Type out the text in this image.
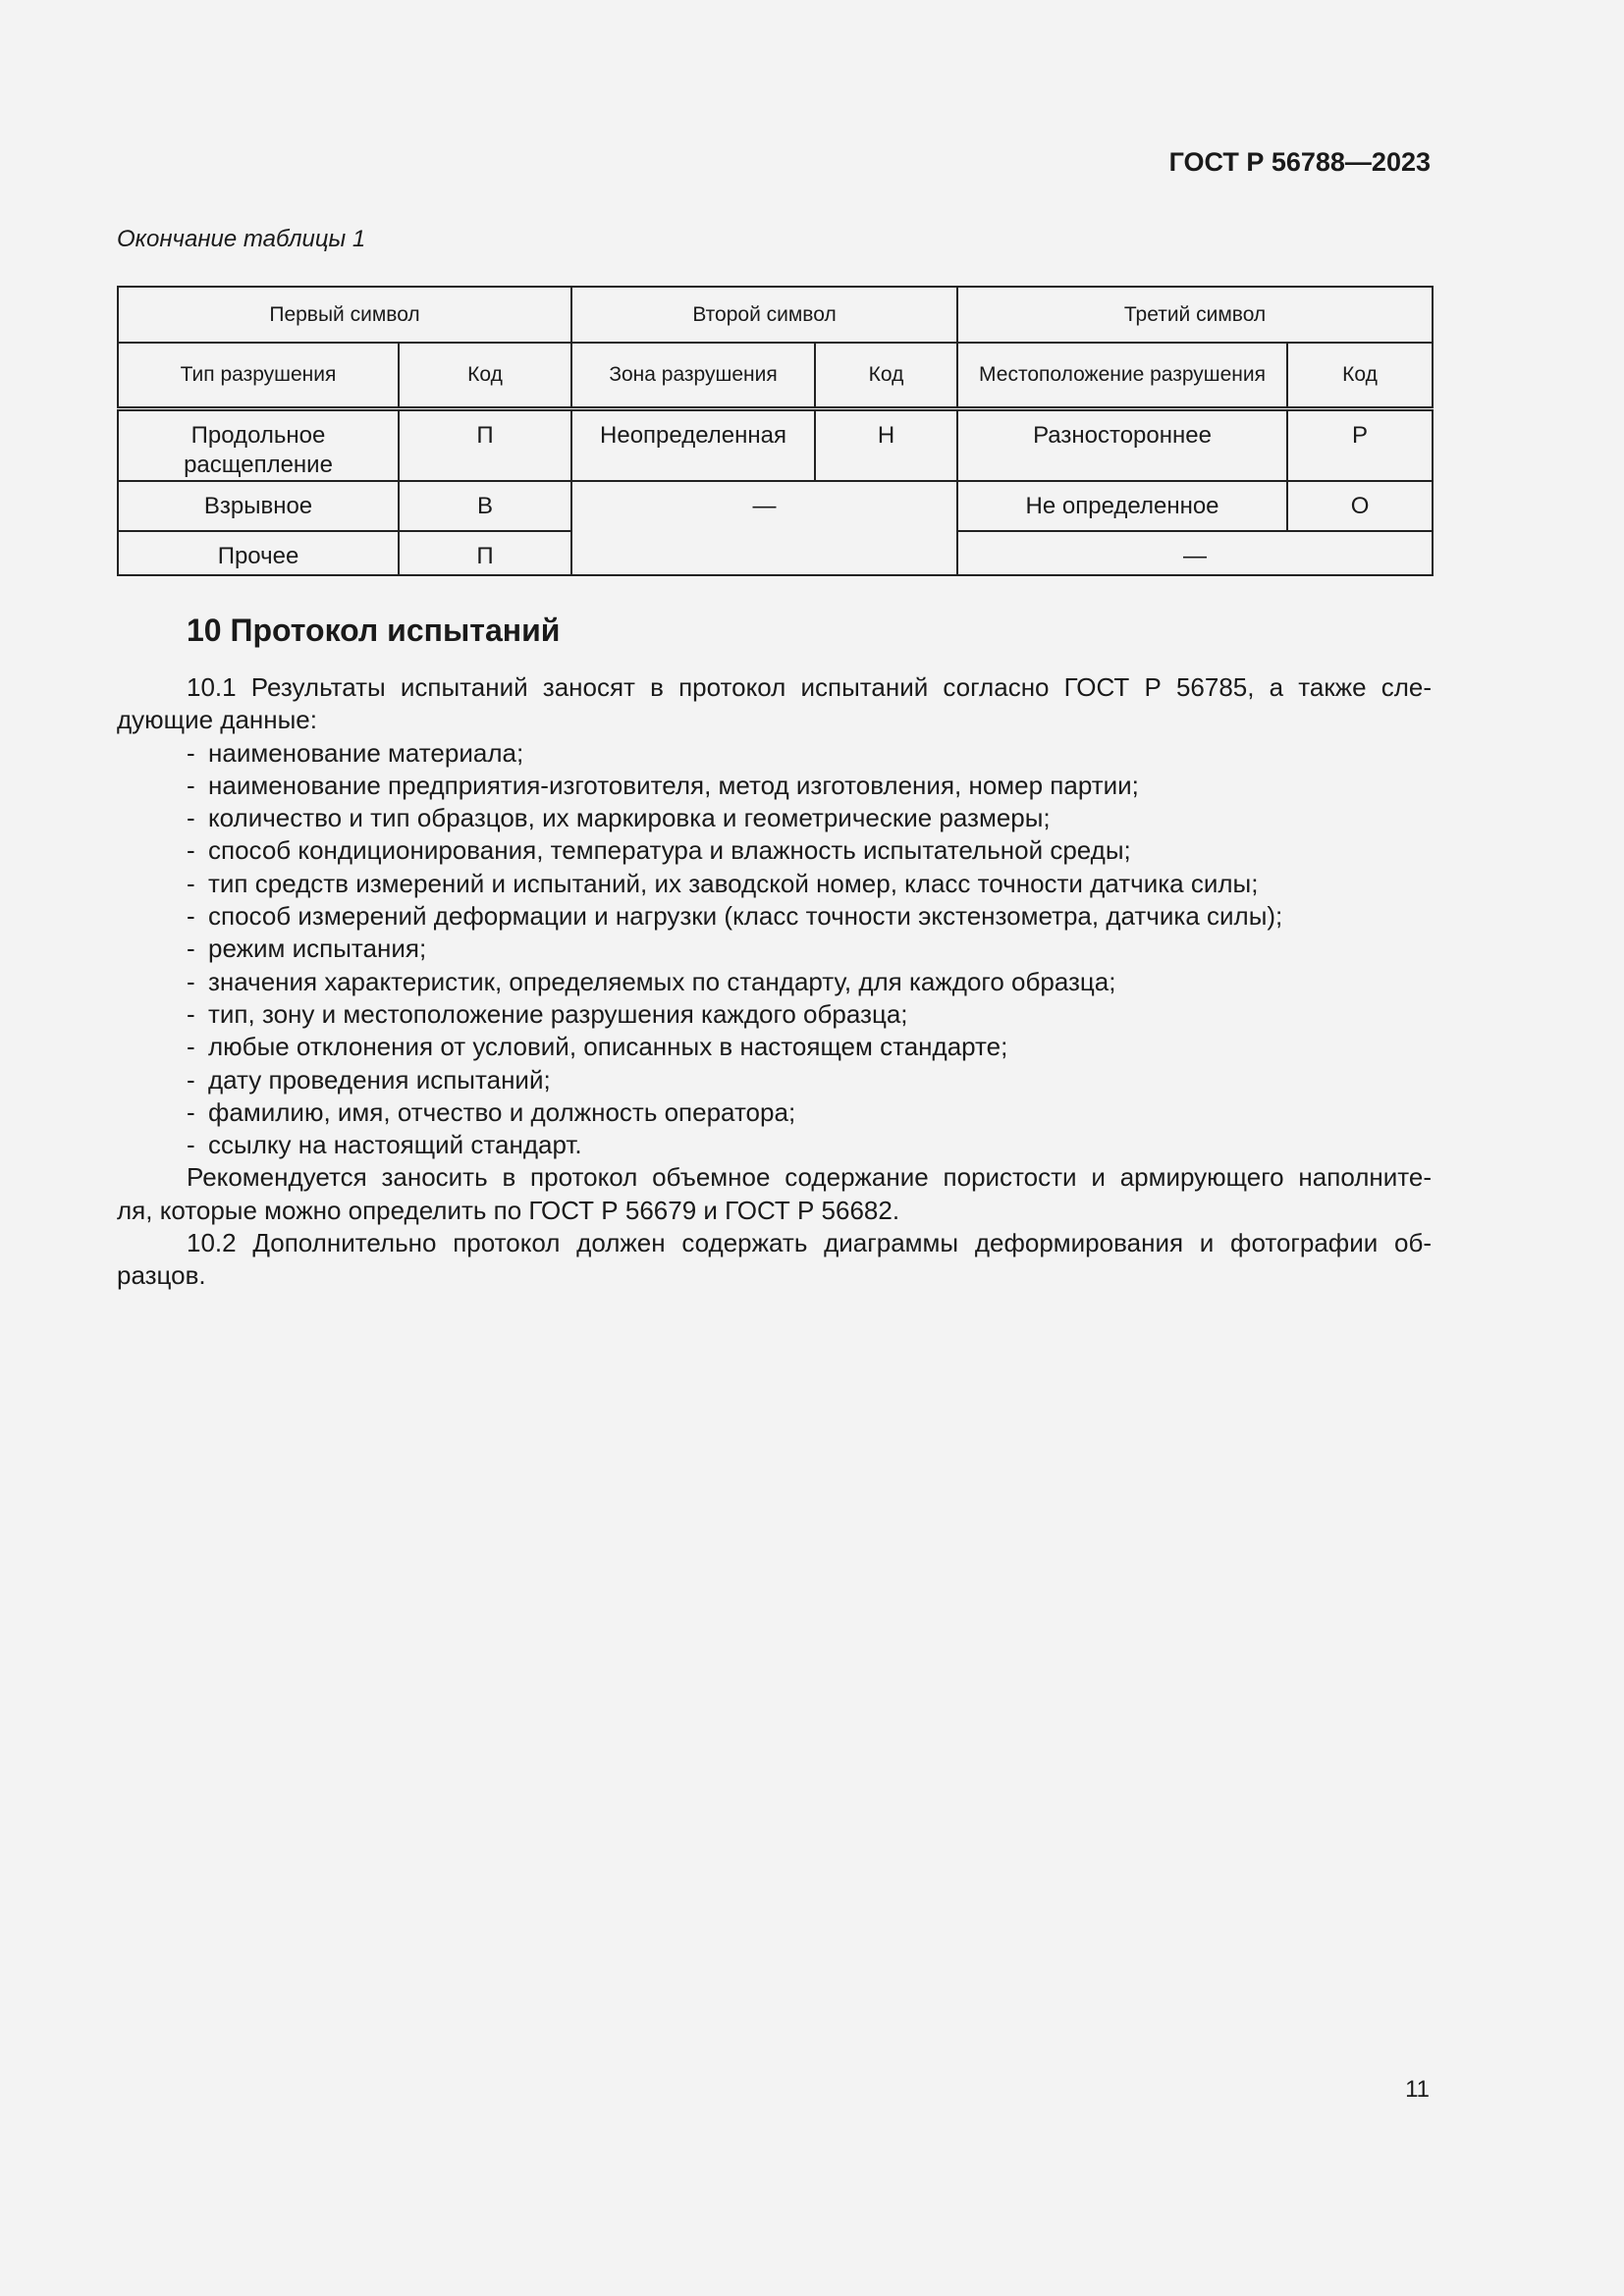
ГОСТ Р 56788—2023
Окончание таблицы 1
Первый символ		Второй символ		Третий символ	
Тип разрушения	Код	Зона разрушения	Код	Местоположение разрушения	Код
Продольное расщепление	П	Неопределенная	Н	Разностороннее	Р
Взрывное	В	—		Не определенное	О
Прочее	П			—	
10 Протокол испытаний

10.1 Результаты испытаний заносят в протокол испытаний согласно ГОСТ Р 56785, а также сле-

дующие данные:
- наименование материала;
- наименование предприятия-изготовителя, метод изготовления, номер партии;
- количество и тип образцов, их маркировка и геометрические размеры;
- способ кондиционирования, температура и влажность испытательной среды;
- тип средств измерений и испытаний, их заводской номер, класс точности датчика силы;
- способ измерений деформации и нагрузки (класс точности экстензометра, датчика силы);
- режим испытания;
- значения характеристик, определяемых по стандарту, для каждого образца;
- тип, зону и местоположение разрушения каждого образца;
- любые отклонения от условий, описанных в настоящем стандарте;
- дату проведения испытаний;
- фамилию, имя, отчество и должность оператора;
- ссылку на настоящий стандарт.

Рекомендуется заносить в протокол объемное содержание пористости и армирующего наполните-

ля, которые можно определить по ГОСТ Р 56679 и ГОСТ Р 56682.

10.2 Дополнительно протокол должен содержать диаграммы деформирования и фотографии об-

разцов.
11
